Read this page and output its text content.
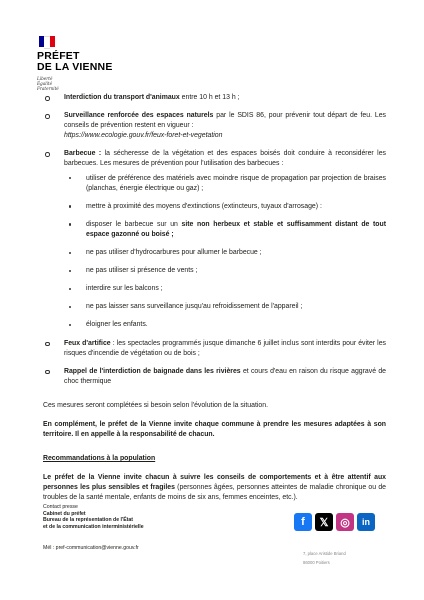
PRÉFET
DE LA VIENNE
Liberté
Égalité
Fraternité
Interdiction du transport d'animaux entre 10 h et 13 h ;
Surveillance renforcée des espaces naturels par le SDIS 86, pour prévenir tout départ de feu. Les conseils de prévention restent en vigueur :
https://www.ecologie.gouv.fr/feux-foret-et-vegetation
Barbecue : la sécheresse de la végétation et des espaces boisés doit conduire à reconsidérer les barbecues. Les mesures de prévention pour l'utilisation des barbecues :
utiliser de préférence des matériels avec moindre risque de propagation par projection de braises (planchas, énergie électrique ou gaz) ;
mettre à proximité des moyens d'extinctions (extincteurs, tuyaux d'arrosage) :
disposer le barbecue sur un site non herbeux et stable et suffisamment distant de tout espace gazonné ou boisé ;
ne pas utiliser d'hydrocarbures pour allumer le barbecue ;
ne pas utiliser si présence de vents ;
interdire sur les balcons ;
ne pas laisser sans surveillance jusqu'au refroidissement de l'appareil ;
éloigner les enfants.
Feux d'artifice : les spectacles programmés jusque dimanche 6 juillet inclus sont interdits pour éviter les risques d'incendie de végétation ou de bois ;
Rappel de l'interdiction de baignade dans les rivières et cours d'eau en raison du risque aggravé de choc thermique

Ces mesures seront complétées si besoin selon l'évolution de la situation.

En complément, le préfet de la Vienne invite chaque commune à prendre les mesures adaptées à son territoire. Il en appelle à la responsabilité de chacun.

Recommandations à la population

Le préfet de la Vienne invite chacun à suivre les conseils de comportements et à être attentif aux personnes les plus sensibles et fragiles (personnes âgées, personnes atteintes de maladie chronique ou de troubles de la santé mentale, enfants de moins de six ans, femmes enceintes, etc.).

Contact presse
Cabinet du préfet
Bureau de la représentation de l'État
et de la communication interministérielle
Mél : pref-communication@vienne.gouv.fr
f	𝕏	◎	in
7, place Aristide Briand
86000 Poitiers
